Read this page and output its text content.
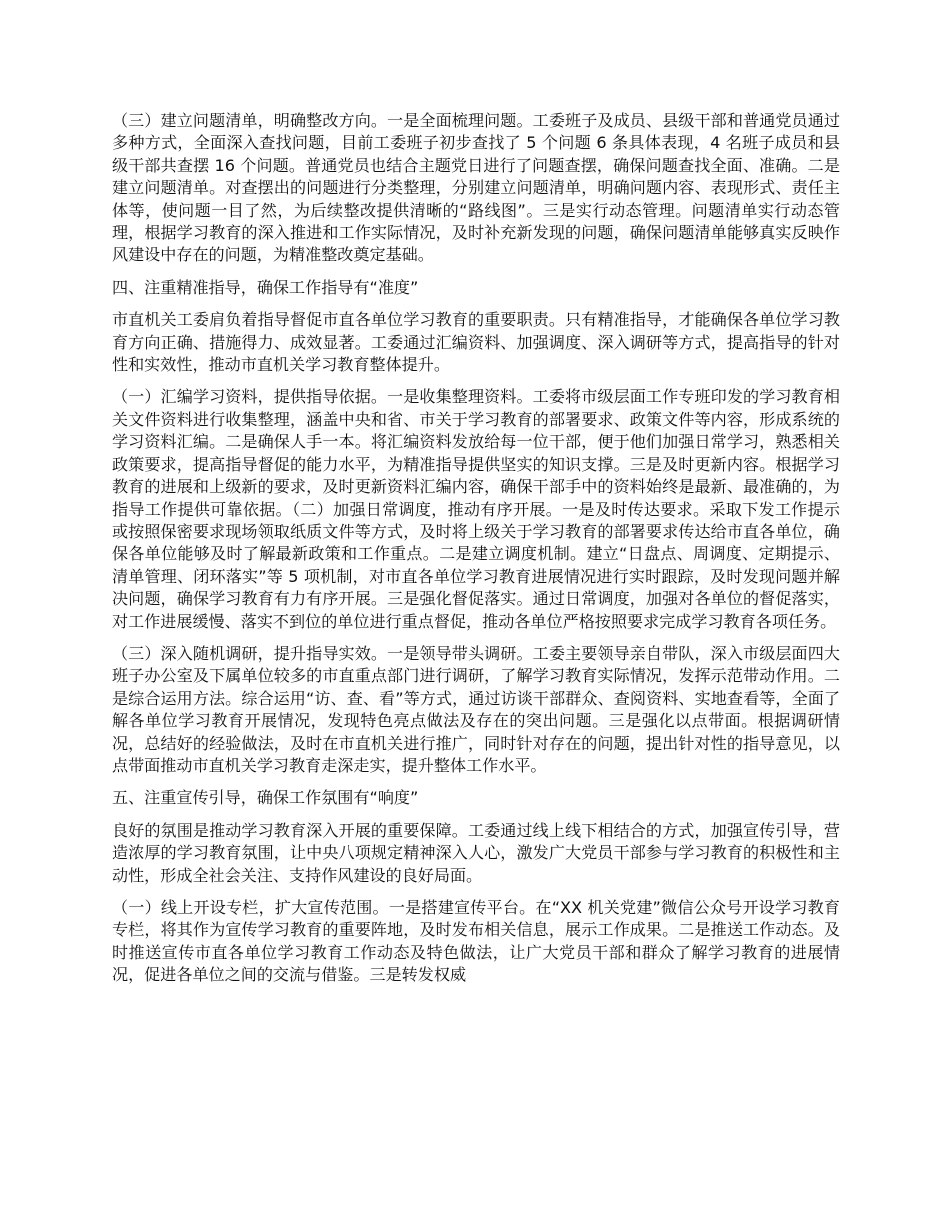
（三）建立问题清单，明确整改方向。一是全面梳理问题。工委班子及成员、县级干部和普通党员通过多种方式，全面深入查找问题，目前工委班子初步查找了 5 个问题 6 条具体表现，4 名班子成员和县级干部共查摆 16 个问题。普通党员也结合主题党日进行了问题查摆，确保问题查找全面、准确。二是建立问题清单。对查摆出的问题进行分类整理，分别建立问题清单，明确问题内容、表现形式、责任主体等，使问题一目了然，为后续整改提供清晰的“路线图”。三是实行动态管理。问题清单实行动态管理，根据学习教育的深入推进和工作实际情况，及时补充新发现的问题，确保问题清单能够真实反映作风建设中存在的问题，为精准整改奠定基础。

四、注重精准指导，确保工作指导有“准度”

市直机关工委肩负着指导督促市直各单位学习教育的重要职责。只有精准指导，才能确保各单位学习教育方向正确、措施得力、成效显著。工委通过汇编资料、加强调度、深入调研等方式，提高指导的针对性和实效性，推动市直机关学习教育整体提升。

（一）汇编学习资料，提供指导依据。一是收集整理资料。工委将市级层面工作专班印发的学习教育相关文件资料进行收集整理，涵盖中央和省、市关于学习教育的部署要求、政策文件等内容，形成系统的学习资料汇编。二是确保人手一本。将汇编资料发放给每一位干部，便于他们加强日常学习，熟悉相关政策要求，提高指导督促的能力水平，为精准指导提供坚实的知识支撑。三是及时更新内容。根据学习教育的进展和上级新的要求，及时更新资料汇编内容，确保干部手中的资料始终是最新、最准确的，为指导工作提供可靠依据。（二）加强日常调度，推动有序开展。一是及时传达要求。采取下发工作提示或按照保密要求现场领取纸质文件等方式，及时将上级关于学习教育的部署要求传达给市直各单位，确保各单位能够及时了解最新政策和工作重点。二是建立调度机制。建立“日盘点、周调度、定期提示、清单管理、闭环落实”等 5 项机制，对市直各单位学习教育进展情况进行实时跟踪，及时发现问题并解决问题，确保学习教育有力有序开展。三是强化督促落实。通过日常调度，加强对各单位的督促落实，对工作进展缓慢、落实不到位的单位进行重点督促，推动各单位严格按照要求完成学习教育各项任务。

（三）深入随机调研，提升指导实效。一是领导带头调研。工委主要领导亲自带队，深入市级层面四大班子办公室及下属单位较多的市直重点部门进行调研，了解学习教育实际情况，发挥示范带动作用。二是综合运用方法。综合运用“访、查、看”等方式，通过访谈干部群众、查阅资料、实地查看等，全面了解各单位学习教育开展情况，发现特色亮点做法及存在的突出问题。三是强化以点带面。根据调研情况，总结好的经验做法，及时在市直机关进行推广，同时针对存在的问题，提出针对性的指导意见，以点带面推动市直机关学习教育走深走实，提升整体工作水平。

五、注重宣传引导，确保工作氛围有“响度”

良好的氛围是推动学习教育深入开展的重要保障。工委通过线上线下相结合的方式，加强宣传引导，营造浓厚的学习教育氛围，让中央八项规定精神深入人心，激发广大党员干部参与学习教育的积极性和主动性，形成全社会关注、支持作风建设的良好局面。

（一）线上开设专栏，扩大宣传范围。一是搭建宣传平台。在“XX 机关党建”微信公众号开设学习教育专栏，将其作为宣传学习教育的重要阵地，及时发布相关信息，展示工作成果。二是推送工作动态。及时推送宣传市直各单位学习教育工作动态及特色做法，让广大党员干部和群众了解学习教育的进展情况，促进各单位之间的交流与借鉴。三是转发权威
